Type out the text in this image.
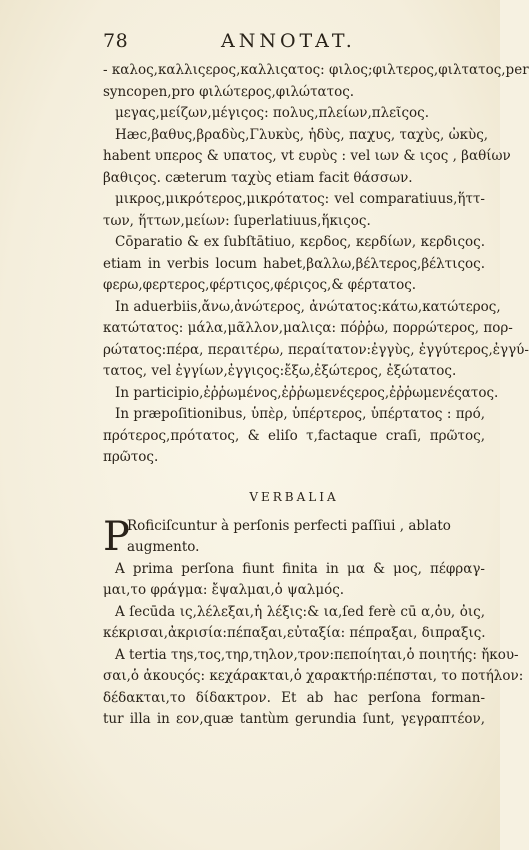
78	ANNOTAT.
- καλος,καλλιςερος,καλλιςατος: φιλος;φιλτερος,φιλτατος,per
syncopen,pro φιλώτερος,φιλώτατος.
μεγας,μείζων,μέγιςος: πολυς,πλείων,πλεῖςος.
Hæc,βαθυς,βραδὺς,Γλυκὺς, ἡδὺς, παχυς, ταχὺς, ὠκὺς,
habent υπερος & υπατος, vt ευρὺς : vel ιων & ιςος , βαθίων
βαθιςος. cæterum ταχὺς etiam facit θάσσων.
μικρος,μικρότερος,μικρότατος: vel comparatiuus,ἥττ-
των, ἥττων,μείων: ſuperlatiuus,ἥκιςος.
Cōparatio & ex ſubſtātiuo, κερδος, κερδίων, κερδιςος.
etiam in verbis locum habet,βαλλω,βέλτερος,βέλτιςος.
φερω,φερτερος,φέρτιςος,φέριςος,& φέρτατος.
In aduerbiis,ἄνω,ἀνώτερος, ἀνώτατος:κάτω,κατώτερος,
κατώτατος: μάλα,μᾶλλον,μαλιςα: πόῤῥω, πορρώτερος, πορ-
ρώτατος:πέρα, περαιτέρω, περαίτατον:ἐγγὺς, ἐγγύτερος,ἐγγύ-
τατος, vel ἐγγίων,ἐγγιςος:ἔξω,ἐξώτερος, ἐξώτατος.
In participio,ἐῤῥωμένος,ἐῤῥωμενέςερος,ἐῤῥωμενέςατος.
In præpoſitionibus, ὑπὲρ, ὑπέρτερος, ὑπέρτατος : πρό,
πρότερος,πρότατος, & eliſo τ,factaque craſi, πρῶτος,
πρῶτος.
VERBALIA
P
Roficiſcuntur à perſonis perfecti paſſiui , ablato
augmento.
A prima perſona fiunt finita in μα & μος, πέφραγ-
μαι,το φράγμα: ἔψαλμαι,ὁ ψαλμός.
A ſecūda ις,λέλεξαι,ἡ λέξις:& ια,ſed ferè cū α,ὀυ, ὀις,
κέκρισαι,ἀκρισία:πέπαξαι,εὐταξία: πέπραξαι, διπραξις.
A tertia τηs,τος,τηρ,τηλον,τρον:πεποίηται,ὁ ποιητής: ἤκου-
σαι,ὁ ἀκουςός: κεχάρακται,ὁ χαρακτήρ:πέπσται, το ποτήλον:
δέδακται,το δίδακτρον. Et ab hac perſona forman-
tur illa in εον,quæ tantùm gerundia ſunt, γεγραπτέον,
